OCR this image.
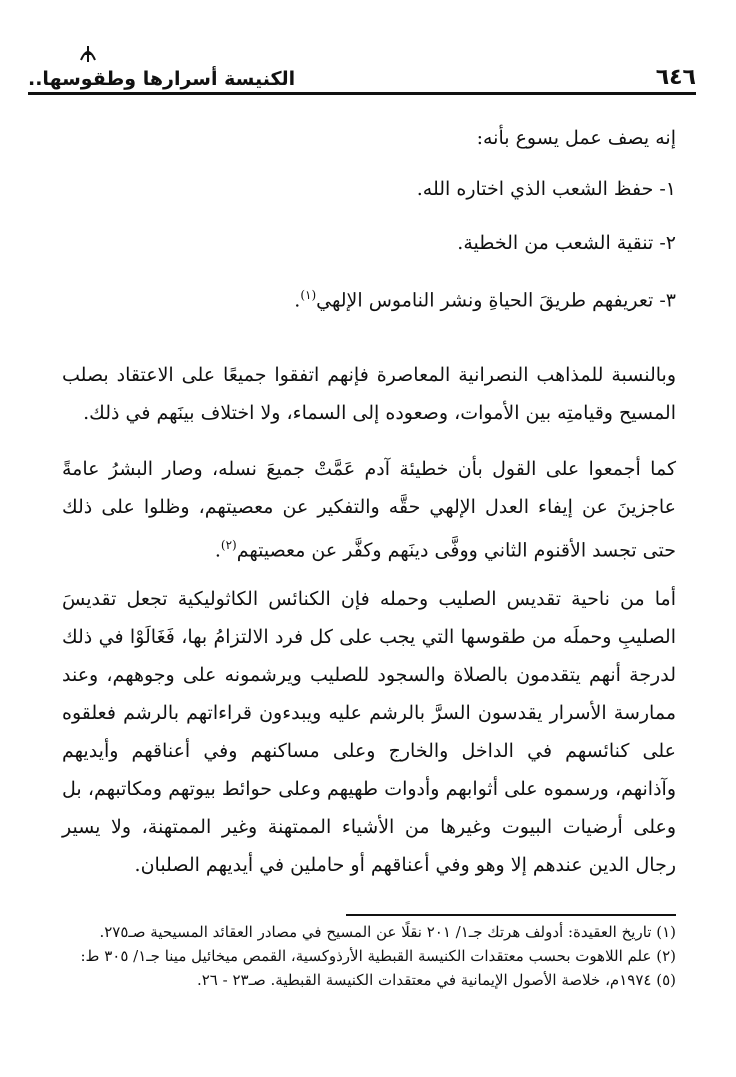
٦٤٦
الكنيسة أسرارها وطقوسها..
إنه يصف عمل يسوع بأنه:
١- حفظ الشعب الذي اختاره الله.
٢- تنقية الشعب من الخطية.
٣- تعريفهم طريقَ الحياةِ ونشر الناموس الإلهي$^{(١)}$.

وبالنسبة للمذاهب النصرانية المعاصرة فإنهم اتفقوا جميعًا على الاعتقاد بصلب المسيح وقيامتِه بين الأموات، وصعوده إلى السماء، ولا اختلاف بينَهم في ذلك.

كما أجمعوا على القول بأن خطيئة آدم عَمَّتْ جميعَ نسله، وصار البشرُ عامةً عاجزينَ عن إيفاء العدل الإلهي حقَّه والتفكير عن معصيتهم، وظلوا على ذلك حتى تجسد الأقنوم الثاني ووفَّى دينَهم وكفَّر عن معصيتهم$^{(٢)}$.

أما من ناحية تقديس الصليب وحمله فإن الكنائس الكاثوليكية تجعل تقديسَ الصليبِ وحملَه من طقوسها التي يجب على كل فرد الالتزامُ بها، فَغَالَوْا في ذلك لدرجة أنهم يتقدمون بالصلاة والسجود للصليب ويرشمونه على وجوههم، وعند ممارسة الأسرار يقدسون السرَّ بالرشم عليه ويبدءون قراءاتهم بالرشم فعلقوه على كنائسهم في الداخل والخارج وعلى مساكنهم وفي أعناقهم وأيديهم وآذانهم، ورسموه على أثوابهم وأدوات طهيهم وعلى حوائط بيوتهم ومكاتبهم، بل وعلى أرضيات البيوت وغيرها من الأشياء الممتهنة وغير الممتهنة، ولا يسير رجال الدين عندهم إلا وهو وفي أعناقهم أو حاملين في أيديهم الصلبان.

(١) تاريخ العقيدة: أدولف هرتك جـ١/ ٢٠١ نقلًا عن المسيح في مصادر العقائد المسيحية صـ٢٧٥.

(٢) علم اللاهوت بحسب معتقدات الكنيسة القبطية الأرذوكسية، القمص ميخائيل مينا جـ١/ ٣٠٥ ط: (٥) ١٩٧٤م، خلاصة الأصول الإيمانية في معتقدات الكنيسة القبطية. صـ٢٣ - ٢٦.
